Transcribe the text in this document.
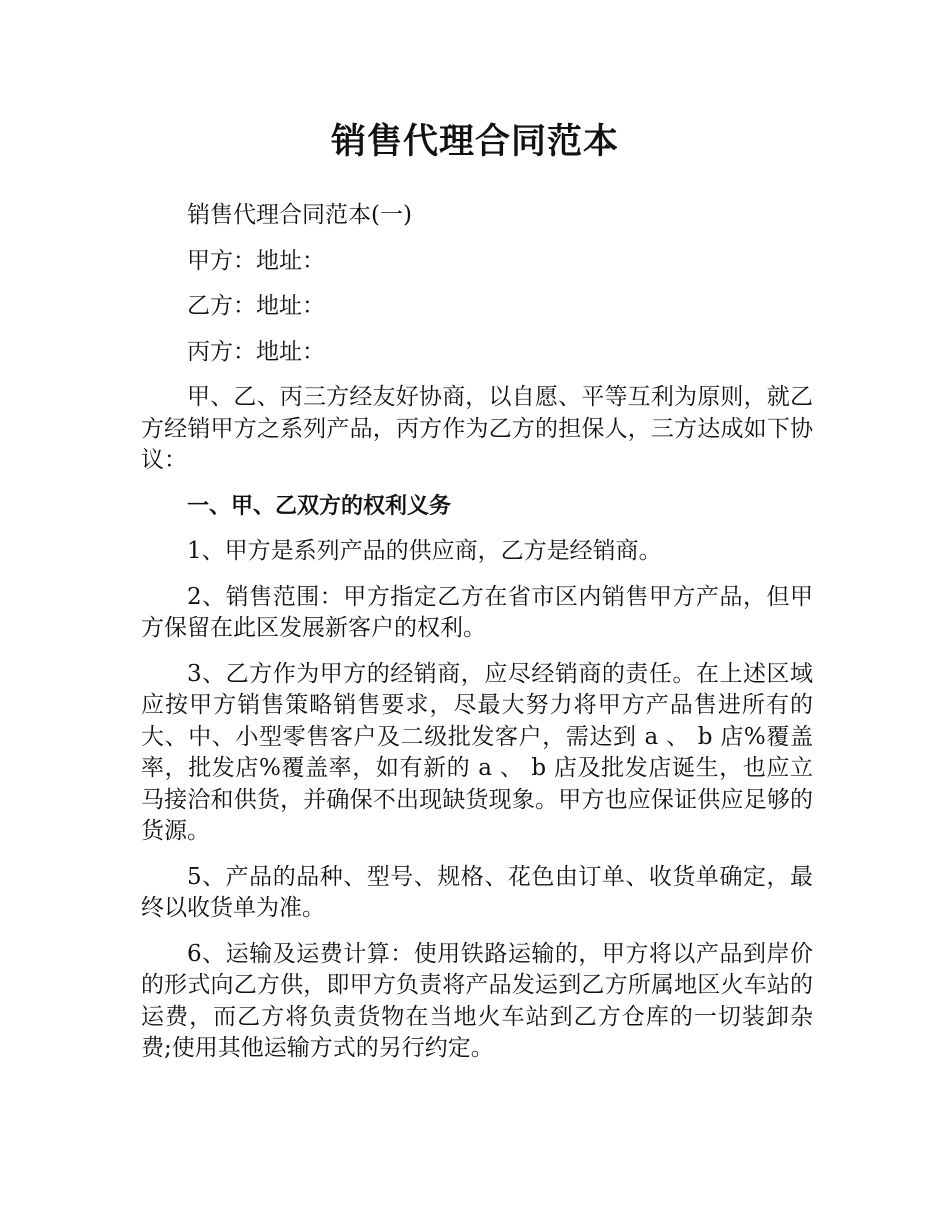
销售代理合同范本

销售代理合同范本(一)

甲方：地址：

乙方：地址：

丙方：地址：

甲、乙、丙三方经友好协商，以自愿、平等互利为原则，就乙方经销甲方之系列产品，丙方作为乙方的担保人，三方达成如下协议：

一、甲、乙双方的权利义务

1、甲方是系列产品的供应商，乙方是经销商。

2、销售范围：甲方指定乙方在省市区内销售甲方产品，但甲方保留在此区发展新客户的权利。

3、乙方作为甲方的经销商，应尽经销商的责任。在上述区域应按甲方销售策略销售要求，尽最大努力将甲方产品售进所有的大、中、小型零售客户及二级批发客户，需达到 a 、 b 店%覆盖率，批发店%覆盖率，如有新的 a 、 b 店及批发店诞生，也应立马接洽和供货，并确保不出现缺货现象。甲方也应保证供应足够的货源。

5、产品的品种、型号、规格、花色由订单、收货单确定，最终以收货单为准。

6、运输及运费计算：使用铁路运输的，甲方将以产品到岸价的形式向乙方供，即甲方负责将产品发运到乙方所属地区火车站的运费，而乙方将负责货物在当地火车站到乙方仓库的一切装卸杂费;使用其他运输方式的另行约定。
